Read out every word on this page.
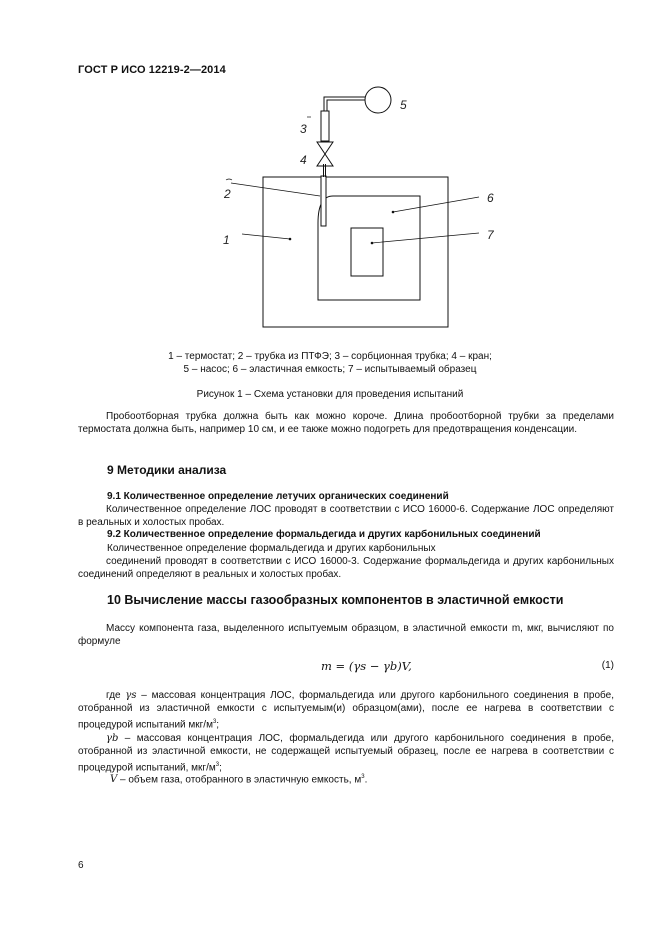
ГОСТ Р ИСО 12219-2—2014
5
3
4
2
1
6
7
1 – термостат; 2 – трубка из ПТФЭ; 3 – сорбционная трубка; 4 – кран;
5 – насос; 6 – эластичная емкость; 7 – испытываемый образец
Рисунок 1 – Схема установки для проведения испытаний
Пробоотборная трубка должна быть как можно короче. Длина пробоотборной трубки за пределами термостата должна быть, например 10 см, и ее также можно подогреть для предотвращения конденсации.
9 Методики анализа
9.1 Количественное определение летучих органических соединений
Количественное определение ЛОС проводят в соответствии с ИСО 16000-6. Содержание ЛОС определяют в реальных и холостых пробах.
9.2 Количественное определение формальдегида и других карбонильных соединений
Количественное определение формальдегида и других карбонильных
соединений проводят в соответствии с ИСО 16000-3. Содержание формальдегида и других карбонильных соединений определяют в реальных и холостых пробах.
10 Вычисление массы газообразных компонентов в эластичной емкости
Массу компонента газа, выделенного испытуемым образцом, в эластичной емкости m, мкг, вычисляют по формуле
m = (γs − γb)V,	(1)
где γs – массовая концентрация ЛОС, формальдегида или другого карбонильного соединения в пробе, отобранной из эластичной емкости с испытуемым(и) образцом(ами), после ее нагрева в соответствии с процедурой испытаний мкг/$м^3$;
γb – массовая концентрация ЛОС, формальдегида или другого карбонильного соединения в пробе, отобранной из эластичной емкости, не содержащей испытуемый образец, после ее нагрева в соответствии с процедурой испытаний, мкг/$м^3$;
V – объем газа, отобранного в эластичную емкость, $м^3$.
6
